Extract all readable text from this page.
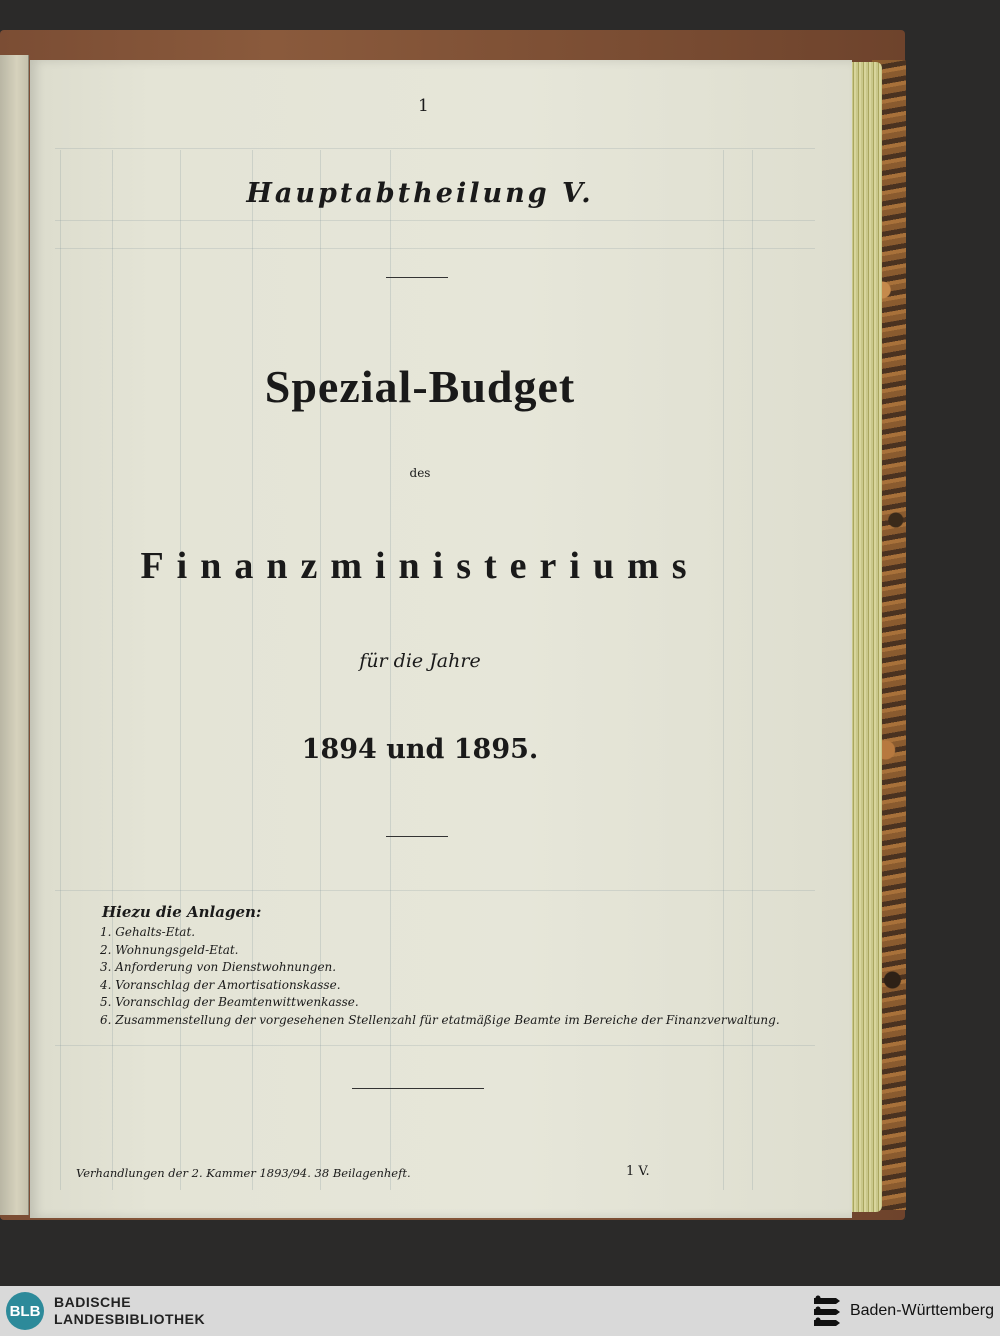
1
Hauptabtheilung V.
Spezial-Budget
des
Finanzministeriums
für die Jahre
1894 und 1895.
Hiezu die Anlagen:
1. Gehalts-Etat.
2. Wohnungsgeld-Etat.
3. Anforderung von Dienstwohnungen.
4. Voranschlag der Amortisationskasse.
5. Voranschlag der Beamtenwittwenkasse.
6. Zusammenstellung der vorgesehenen Stellenzahl für etatmäßige Beamte im Bereiche der Finanzverwaltung.
Verhandlungen der 2. Kammer 1893/94. 38 Beilagenheft.	1 V.
BLB
BADISCHE
LANDESBIBLIOTHEK	Baden-Württemberg
